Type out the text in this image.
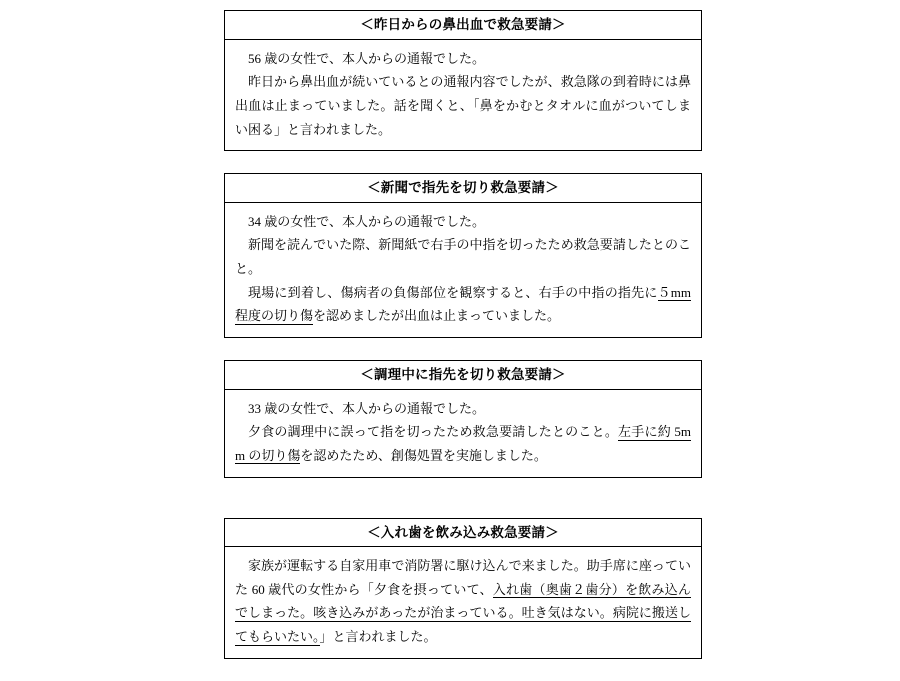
＜昨日からの鼻出血で救急要請＞

56 歳の女性で、本人からの通報でした。

昨日から鼻出血が続いているとの通報内容でしたが、救急隊の到着時には鼻出血は止まっていました。話を聞くと、「鼻をかむとタオルに血がついてしまい困る」と言われました。

＜新聞で指先を切り救急要請＞

34 歳の女性で、本人からの通報でした。

新聞を読んでいた際、新聞紙で右手の中指を切ったため救急要請したとのこと。

現場に到着し、傷病者の負傷部位を観察すると、右手の中指の指先に５mm程度の切り傷を認めましたが出血は止まっていました。

＜調理中に指先を切り救急要請＞

33 歳の女性で、本人からの通報でした。

夕食の調理中に誤って指を切ったため救急要請したとのこと。左手に約 5mm の切り傷を認めたため、創傷処置を実施しました。

＜入れ歯を飲み込み救急要請＞

家族が運転する自家用車で消防署に駆け込んで来ました。助手席に座っていた 60 歳代の女性から「夕食を摂っていて、入れ歯（奥歯２歯分）を飲み込んでしまった。咳き込みがあったが治まっている。吐き気はない。病院に搬送してもらいたい。」と言われました。
